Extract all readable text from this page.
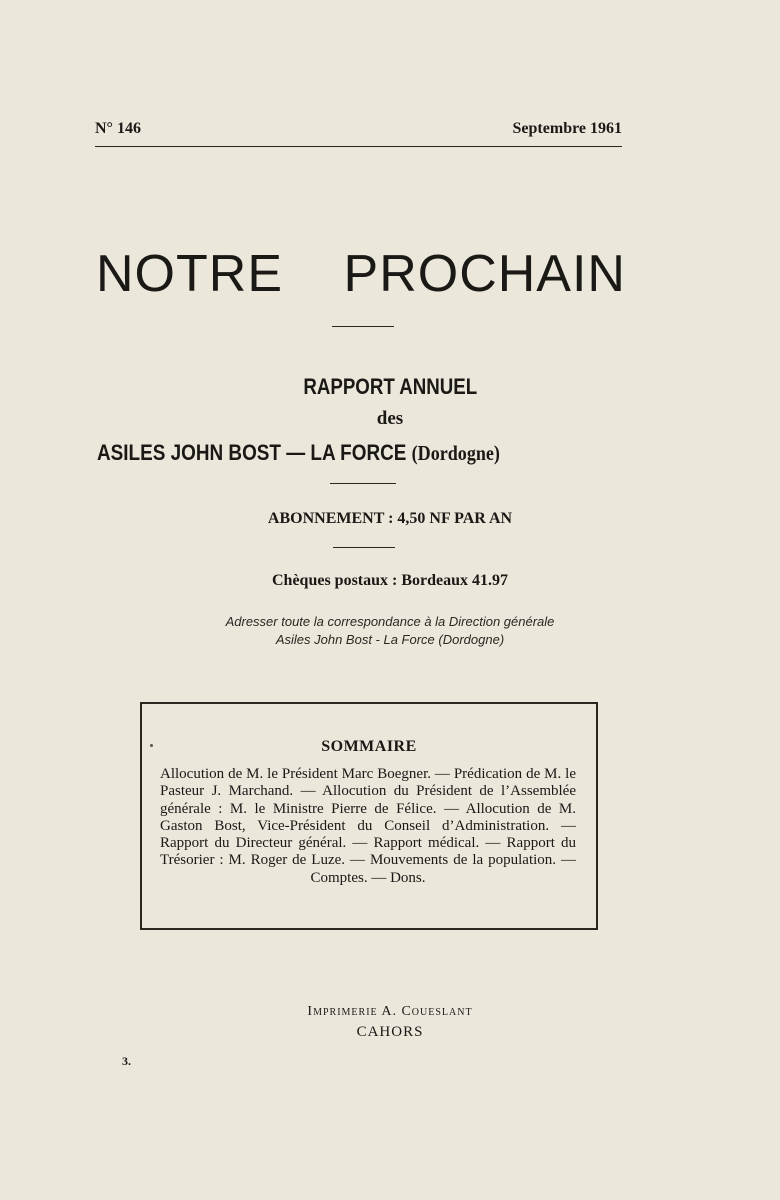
N° 146	Septembre 1961
NOTRE PROCHAIN
RAPPORT ANNUEL
des
ASILES JOHN BOST — LA FORCE (Dordogne)
ABONNEMENT : 4,50 NF PAR AN
Chèques postaux : Bordeaux 41.97
Adresser toute la correspondance à la Direction générale
Asiles John Bost - La Force (Dordogne)
SOMMAIRE
Allocution de M. le Président Marc Boegner. — Prédication de M. le Pasteur J. Marchand. — Allocution du Président de l’Assemblée générale : M. le Ministre Pierre de Félice. — Allocution de M. Gaston Bost, Vice-Président du Conseil d’Administration. — Rapport du Directeur général. — Rapport médical. — Rapport du Trésorier : M. Roger de Luze. — Mouvements de la population. — Comptes. — Dons.
Imprimerie A. Coueslant
CAHORS
3.
